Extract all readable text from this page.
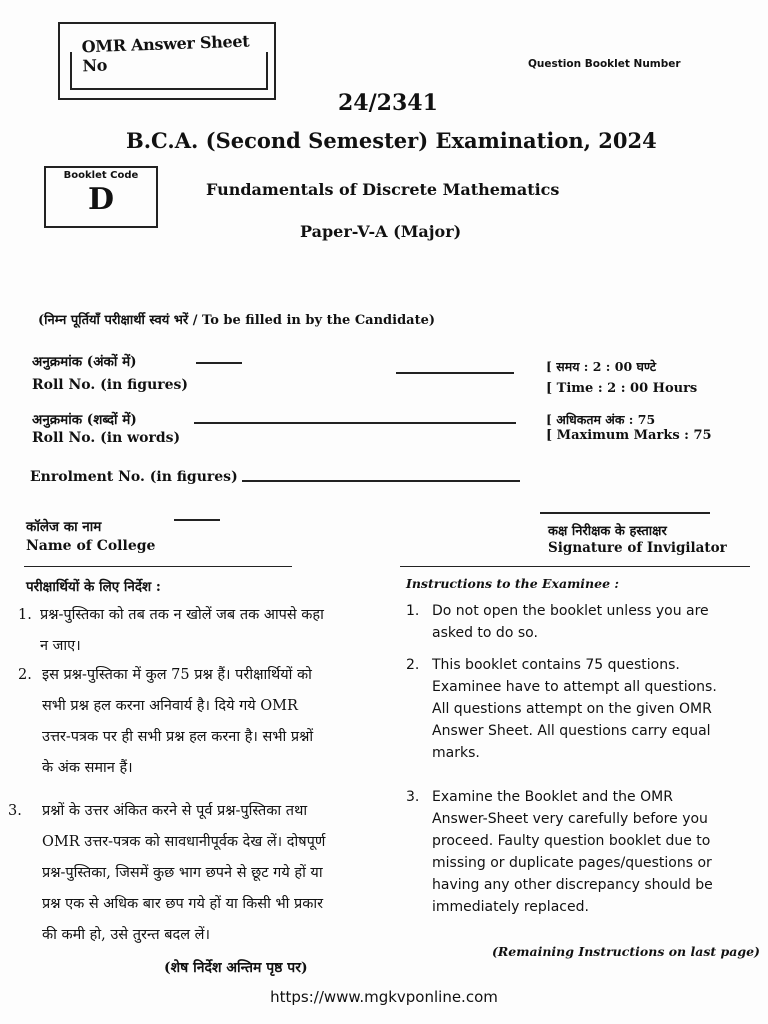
OMR Answer Sheet No	Question Booklet Number
24/2341
B.C.A. (Second Semester) Examination, 2024
Booklet Code
D	Fundamentals of Discrete Mathematics
Paper-V-A (Major)
(निम्न पूर्तियाँ परीक्षार्थी स्वयं भरें / To be filled in by the Candidate)
अनुक्रमांक (अंकों में)
Roll No. (in figures)
अनुक्रमांक (शब्दों में)
Roll No. (in words)
[ समय : 2 : 00 घण्टे
[ Time : 2 : 00 Hours
[ अधिकतम अंक : 75
[ Maximum Marks : 75
Enrolment No. (in figures)
कॉलेज का नाम
Name of College
कक्ष निरीक्षक के हस्ताक्षर
Signature of Invigilator
परीक्षार्थियों के लिए निर्देश :
1. प्रश्न-पुस्तिका को तब तक न खोलें जब तक आपसे कहा
न जाए।
2. इस प्रश्न-पुस्तिका में कुल 75 प्रश्न हैं। परीक्षार्थियों को
सभी प्रश्न हल करना अनिवार्य है। दिये गये OMR
उत्तर-पत्रक पर ही सभी प्रश्न हल करना है। सभी प्रश्नों
के अंक समान हैं।
3. प्रश्नों के उत्तर अंकित करने से पूर्व प्रश्न-पुस्तिका तथा
OMR उत्तर-पत्रक को सावधानीपूर्वक देख लें। दोषपूर्ण
प्रश्न-पुस्तिका, जिसमें कुछ भाग छपने से छूट गये हों या
प्रश्न एक से अधिक बार छप गये हों या किसी भी प्रकार
की कमी हो, उसे तुरन्त बदल लें।
(शेष निर्देश अन्तिम पृष्ठ पर)
Instructions to the Examinee :
1. Do not open the booklet unless you are
asked to do so.
2. This booklet contains 75 questions.
Examinee have to attempt all questions.
All questions attempt on the given OMR
Answer Sheet. All questions carry equal
marks.
3. Examine the Booklet and the OMR
Answer-Sheet very carefully before you
proceed. Faulty question booklet due to
missing or duplicate pages/questions or
having any other discrepancy should be
immediately replaced.
(Remaining Instructions on last page)
https://www.mgkvponline.com
